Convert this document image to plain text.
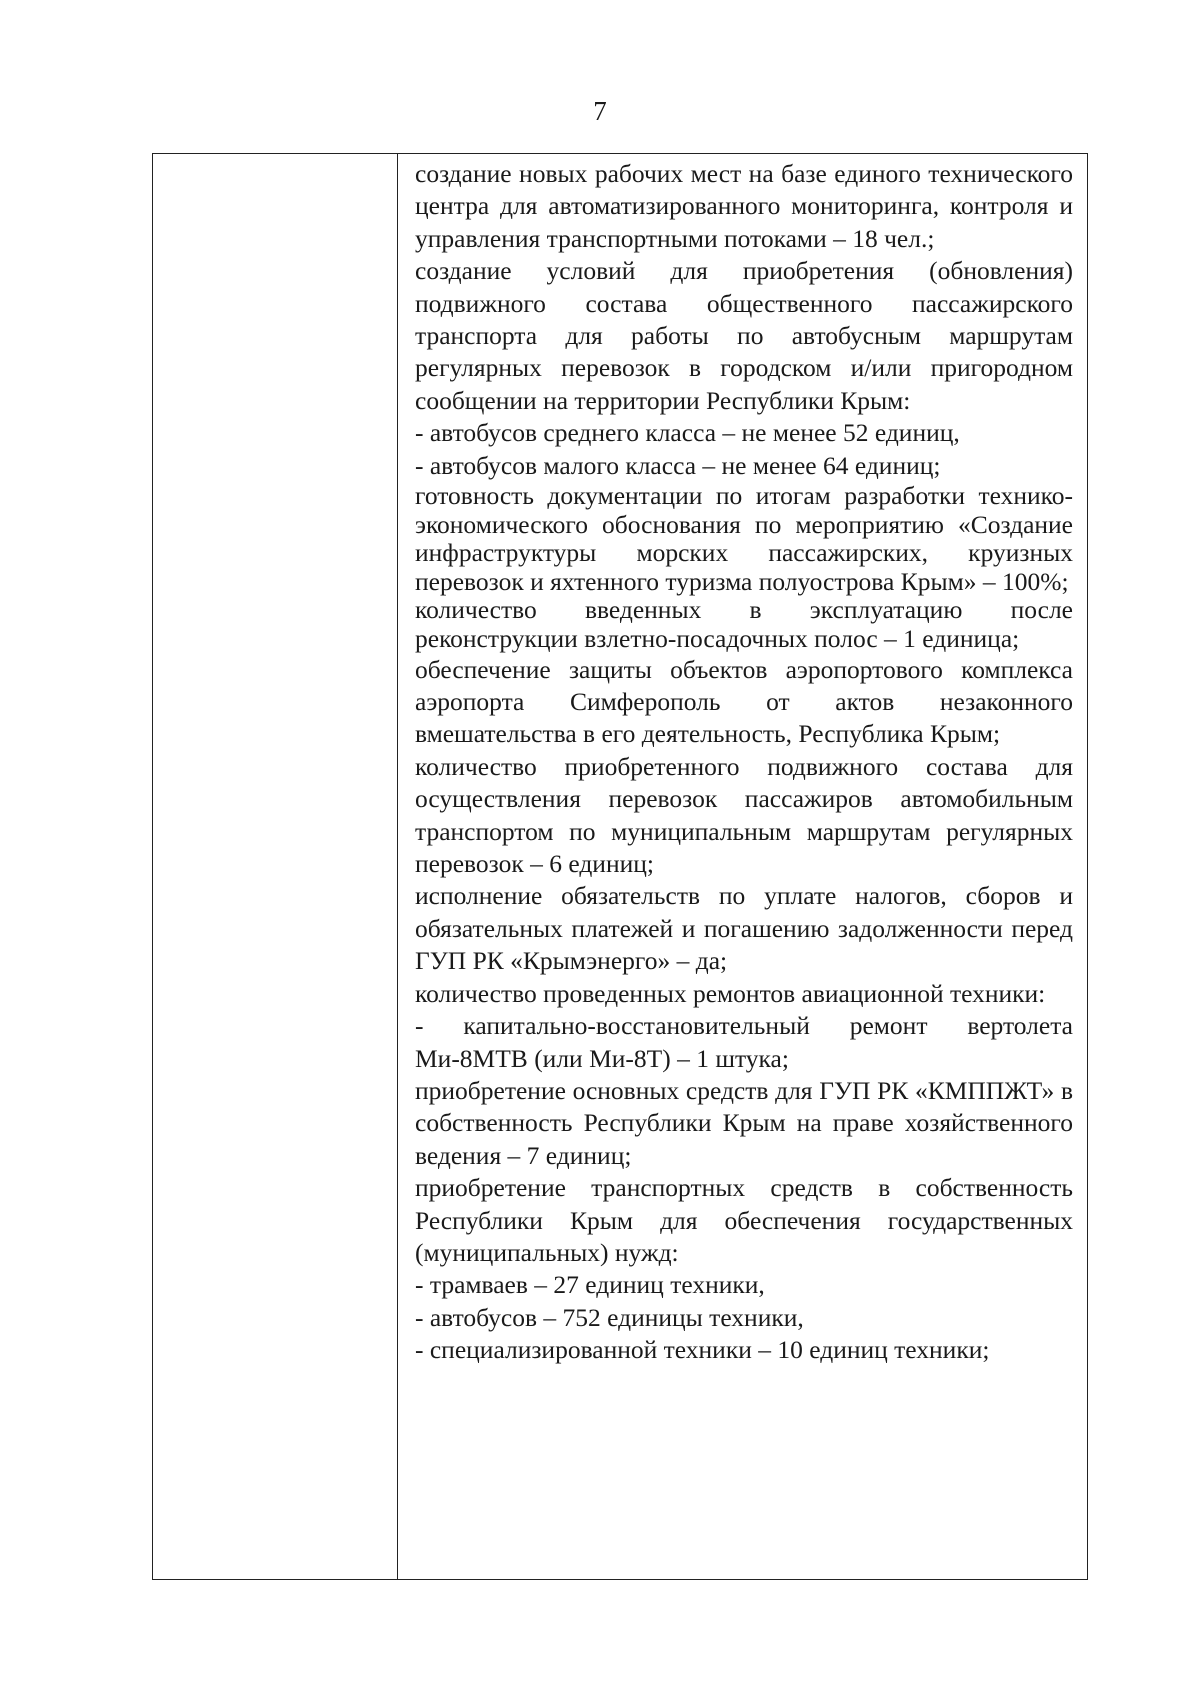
7

создание новых рабочих мест на базе единого технического центра для автоматизированного мониторинга, контроля и управления транспортными потоками – 18 чел.;

создание условий для приобретения (обновления) подвижного состава общественного пассажирского транспорта для работы по автобусным маршрутам регулярных перевозок в городском и/или пригородном сообщении на территории Республики Крым:

- автобусов среднего класса – не менее 52 единиц,

- автобусов малого класса – не менее 64 единиц;

готовность документации по итогам разработки технико-экономического обоснования по мероприятию «Создание инфраструктуры морских пассажирских, круизных перевозок и яхтенного туризма полуострова Крым» – 100%;

количество введенных в эксплуатацию после реконструкции взлетно-посадочных полос – 1 единица;

обеспечение защиты объектов аэропортового комплекса аэропорта Симферополь от актов незаконного вмешательства в его деятельность, Республика Крым;

количество приобретенного подвижного состава для осуществления перевозок пассажиров автомобильным транспортом по муниципальным маршрутам регулярных перевозок – 6 единиц;

исполнение обязательств по уплате налогов, сборов и обязательных платежей и погашению задолженности перед ГУП РК «Крымэнерго» – да;

количество проведенных ремонтов авиационной техники:

- капитально-восстановительный ремонт вертолета Ми-8МТВ (или Ми-8Т) – 1 штука;

приобретение основных средств для ГУП РК «КМППЖТ» в собственность Республики Крым на праве хозяйственного ведения – 7 единиц;

приобретение транспортных средств в собственность Республики Крым для обеспечения государственных (муниципальных) нужд:

- трамваев – 27 единиц техники,

- автобусов – 752 единицы техники,

- специализированной техники – 10 единиц техники;
